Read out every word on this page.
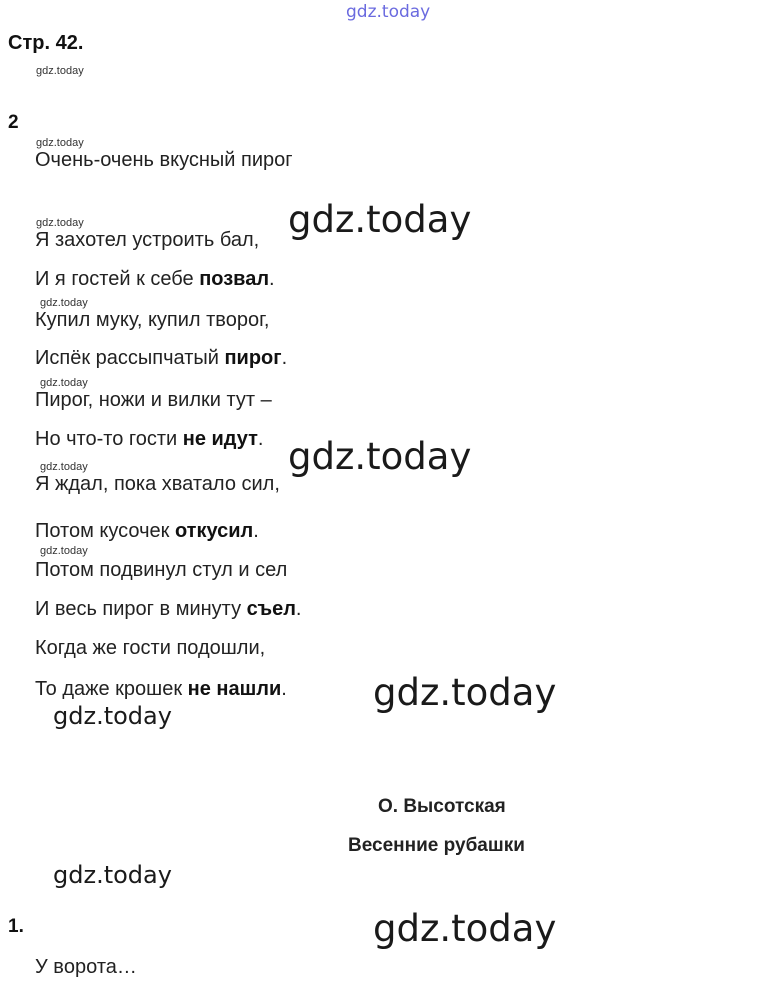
gdz.today
Стр. 42.
gdz.today
2
gdz.today
Очень-очень вкусный пирог
gdz.today
Я захотел устроить бал,
И я гостей к себе позвал.
gdz.today
Купил муку, купил творог,
Испёк рассыпчатый пирог.
gdz.today
Пирог, ножи и вилки тут –
Но что-то гости не идут.
gdz.today
Я ждал, пока хватало сил,
Потом кусочек откусил.
gdz.today
Потом подвинул стул и сел
И весь пирог в минуту съел.
Когда же гости подошли,
То даже крошек не нашли.
gdz.today
gdz.today
gdz.today
gdz.today
О. Высотская
Весенние рубашки
gdz.today
1.	gdz.today
У вoрота…
